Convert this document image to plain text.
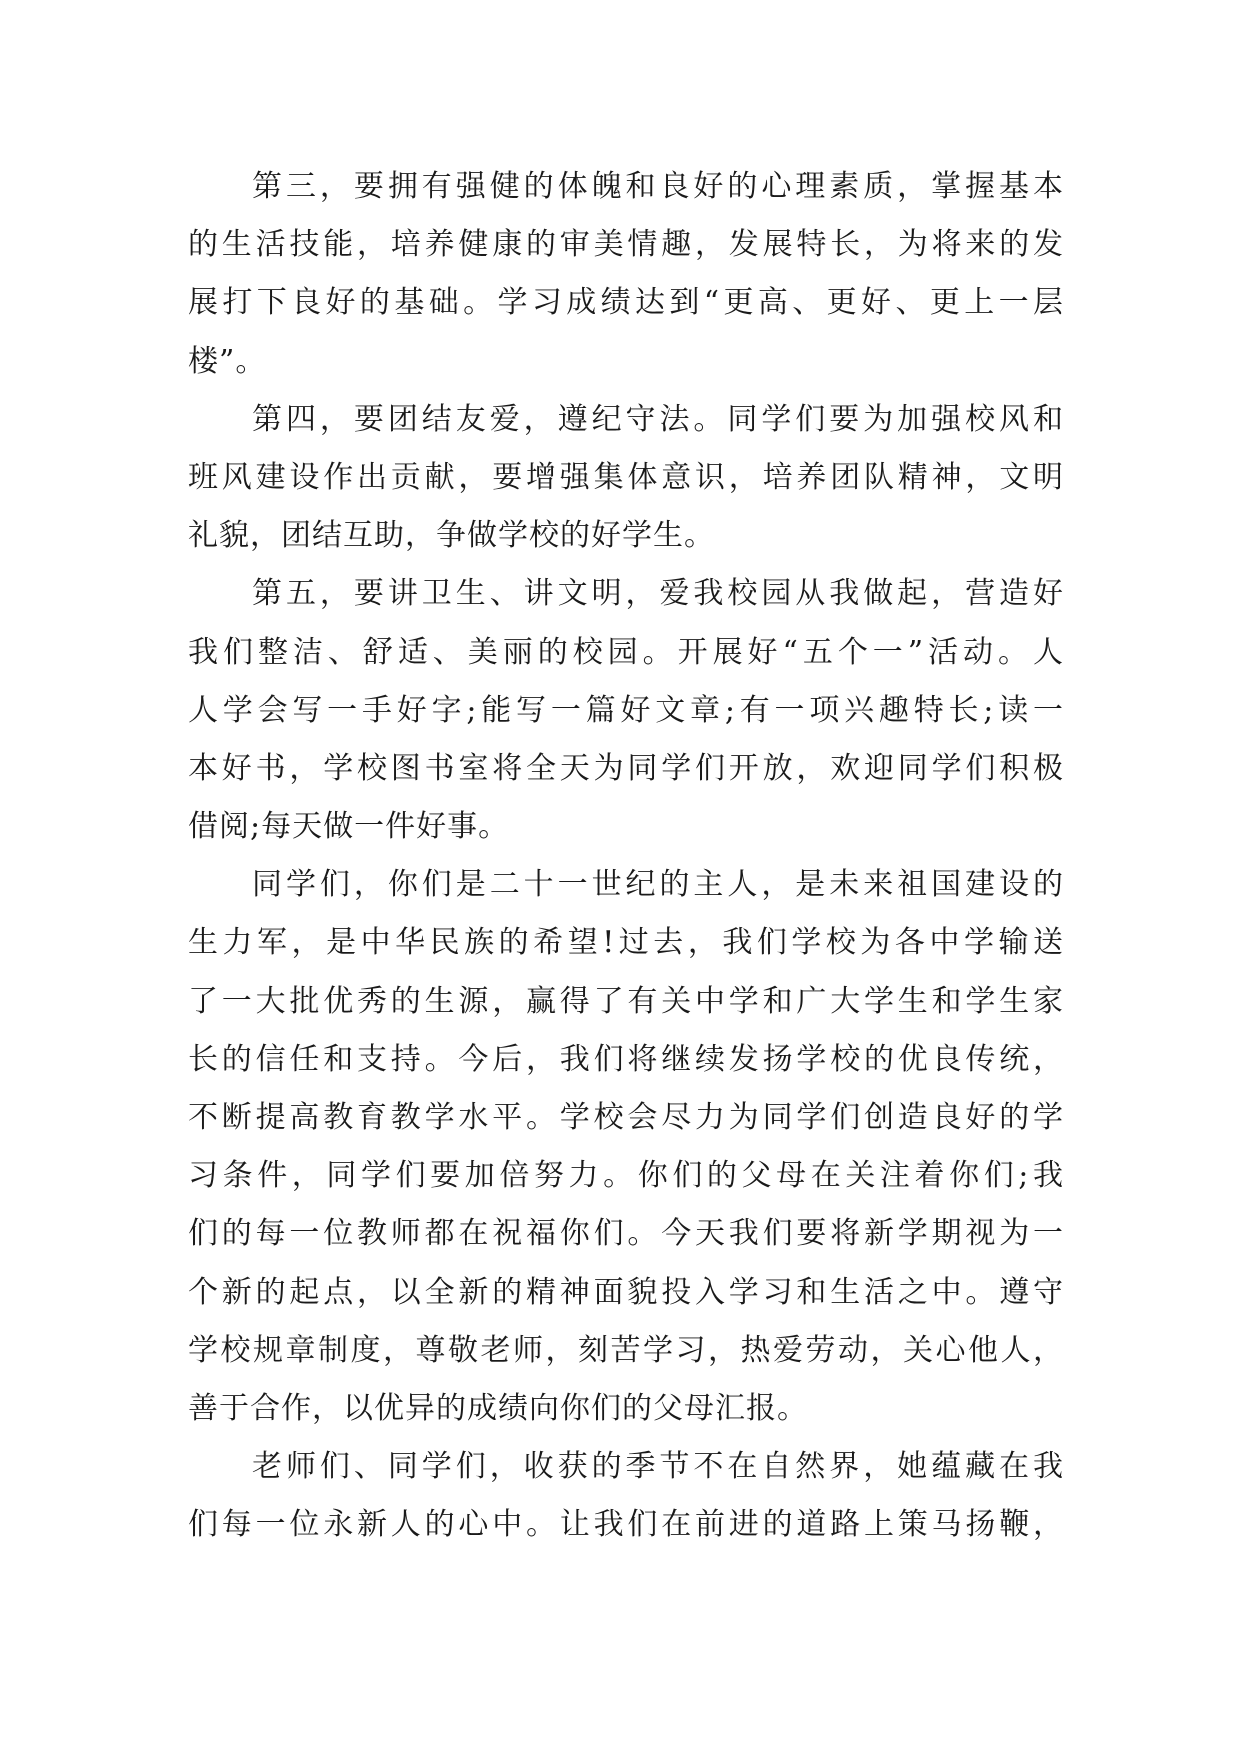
第三，要拥有强健的体魄和良好的心理素质，掌握基本
的生活技能，培养健康的审美情趣，发展特长，为将来的发
展打下良好的基础。学习成绩达到“更高、更好、更上一层
楼”。
第四，要团结友爱，遵纪守法。同学们要为加强校风和
班风建设作出贡献，要增强集体意识，培养团队精神，文明
礼貌，团结互助，争做学校的好学生。
第五，要讲卫生、讲文明，爱我校园从我做起，营造好
我们整洁、舒适、美丽的校园。开展好“五个一”活动。人
人学会写一手好字;能写一篇好文章;有一项兴趣特长;读一
本好书，学校图书室将全天为同学们开放，欢迎同学们积极
借阅;每天做一件好事。
同学们，你们是二十一世纪的主人，是未来祖国建设的
生力军，是中华民族的希望!过去，我们学校为各中学输送
了一大批优秀的生源，赢得了有关中学和广大学生和学生家
长的信任和支持。今后，我们将继续发扬学校的优良传统，
不断提高教育教学水平。学校会尽力为同学们创造良好的学
习条件，同学们要加倍努力。你们的父母在关注着你们;我
们的每一位教师都在祝福你们。今天我们要将新学期视为一
个新的起点，以全新的精神面貌投入学习和生活之中。遵守
学校规章制度，尊敬老师，刻苦学习，热爱劳动，关心他人，
善于合作，以优异的成绩向你们的父母汇报。
老师们、同学们，收获的季节不在自然界，她蕴藏在我
们每一位永新人的心中。让我们在前进的道路上策马扬鞭，
